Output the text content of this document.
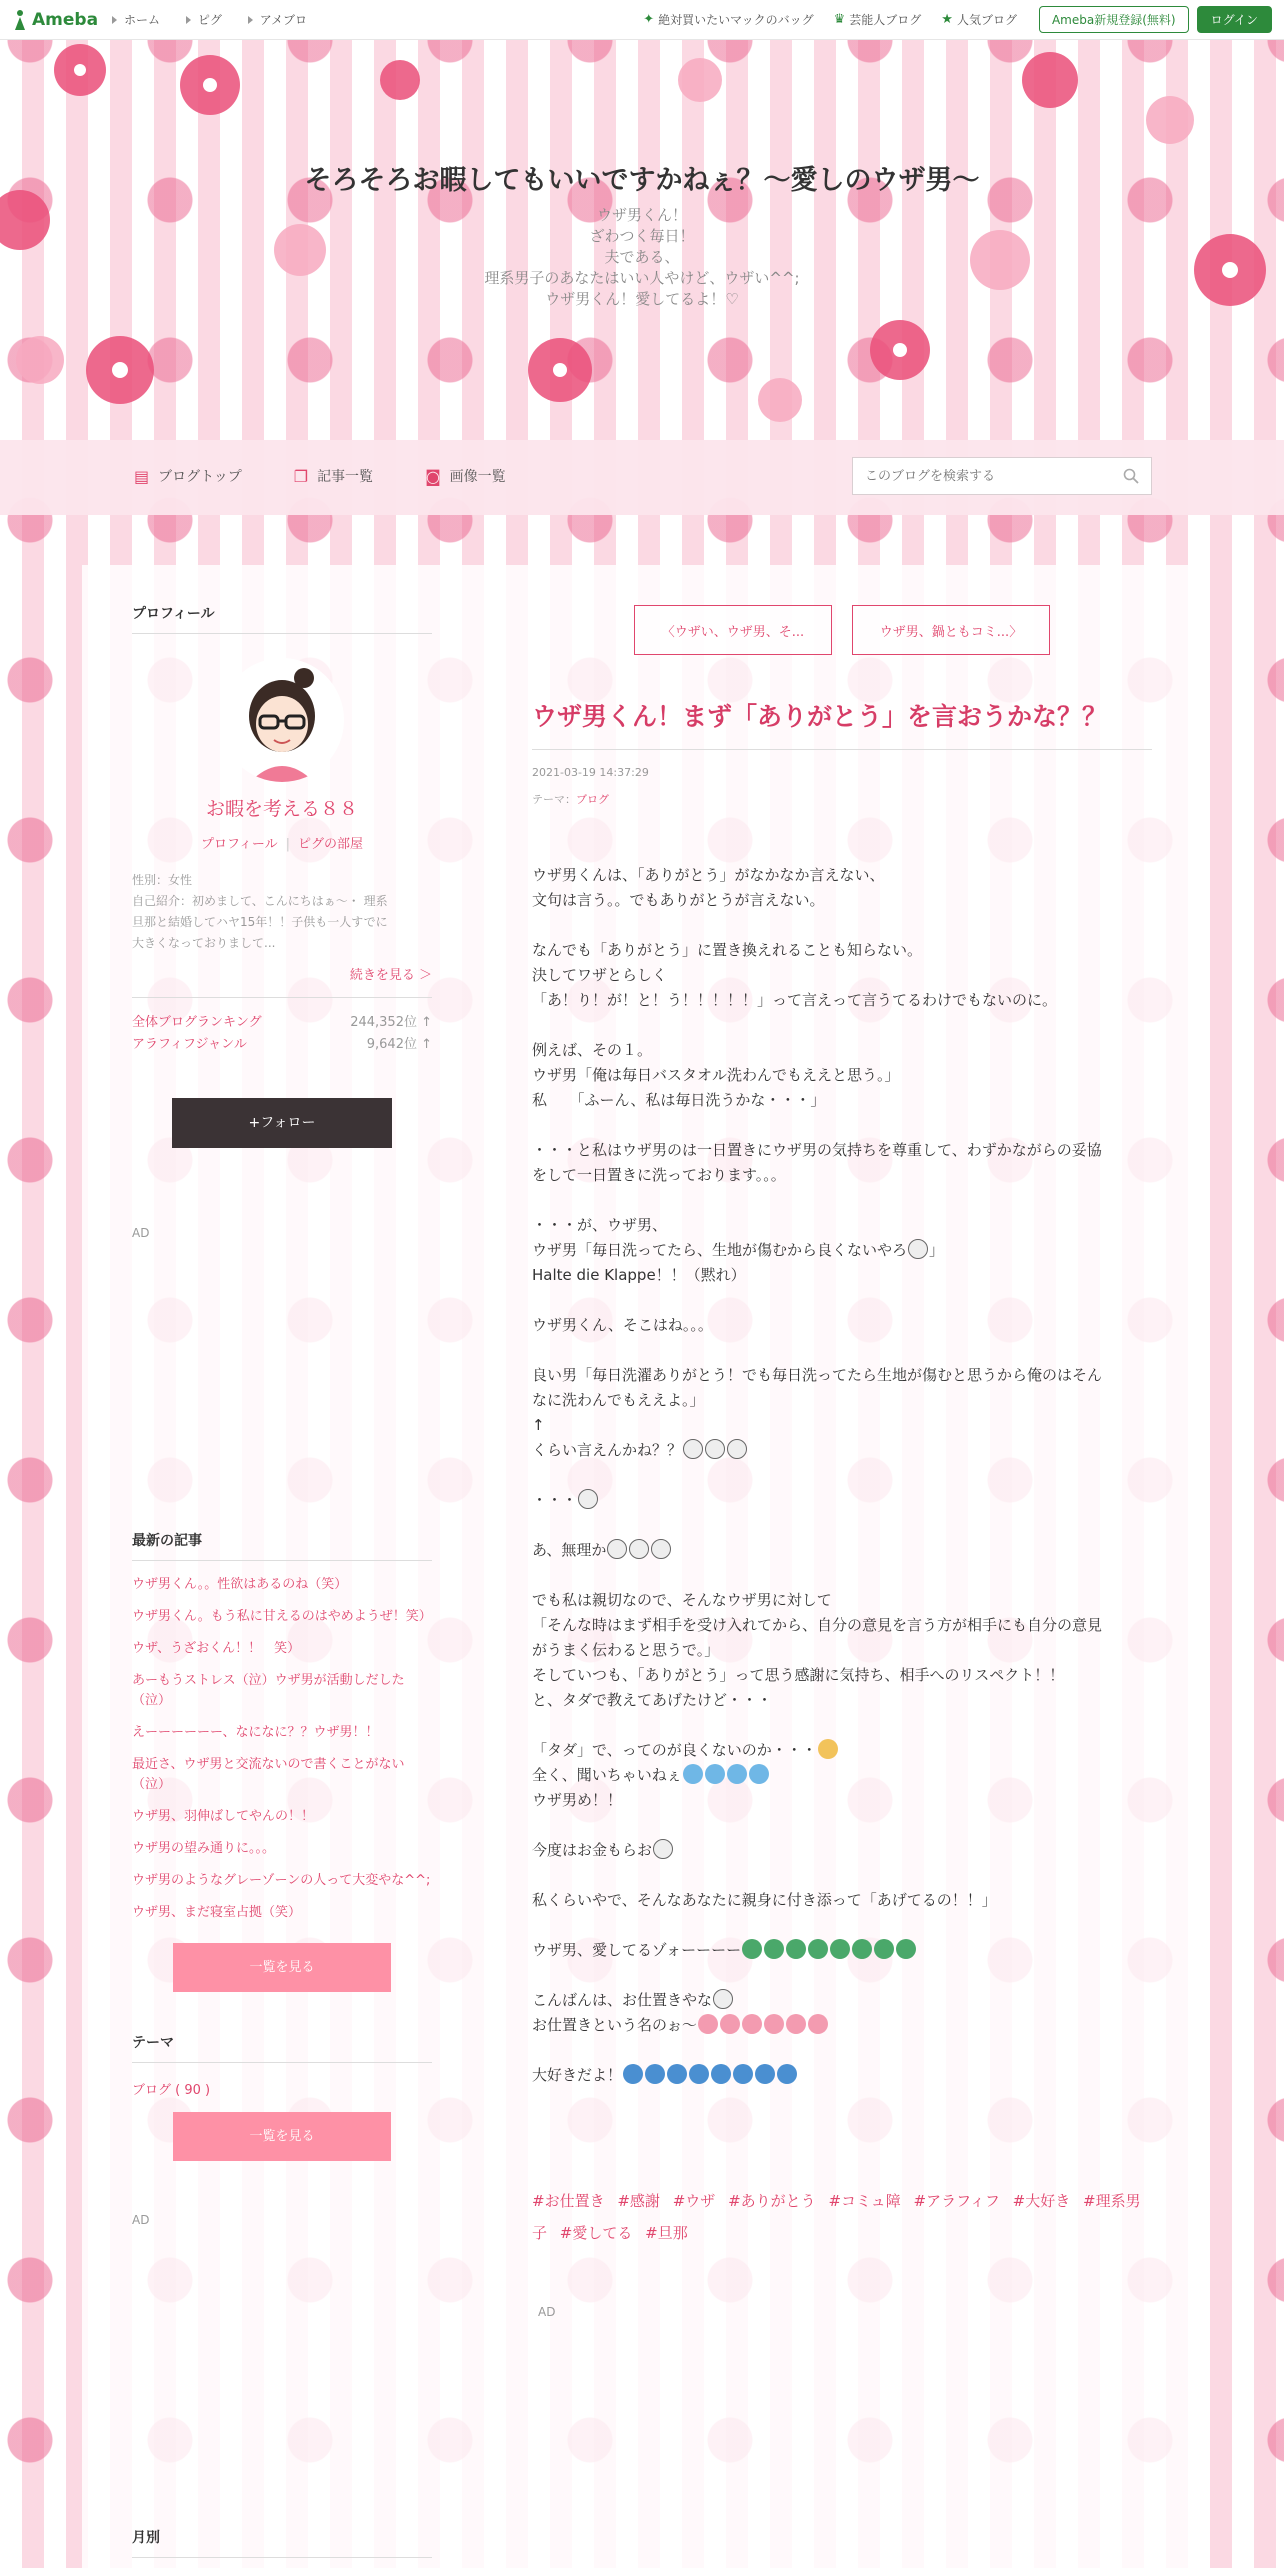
Ameba	ホーム	ピグ	アメブロ	✦ 絶対買いたいマックのバッグ ♛ 芸能人ブログ ★ 人気ブログ	Ameba新規登録(無料)	ログイン
そろそろお暇してもいいですかねぇ？〜愛しのウザ男〜
ウザ男くん！
ざわつく毎日！
夫である、
理系男子のあなたはいい人やけど、ウザい^^;
ウザ男くん！愛してるよ！♡
▤ ブログトップ	❐ 記事一覧	◙ 画像一覧
このブログを検索する
プロフィール
お暇を考える８８
プロフィール | ピグの部屋
性別：女性
自己紹介：初めまして、こんにちはぁ〜・ 理系
旦那と結婚してハヤ15年！！子供も一人すでに
大きくなっておりまして...
続きを見る ＞
全体ブログランキング	244,352位 ↑
アラフィフジャンル	9,642位 ↑
+フォロー
AD
最新の記事
ウザ男くん。。性欲はあるのね（笑）
ウザ男くん。もう私に甘えるのはやめようぜ！笑）
ウザ、うざおくん！！　笑）
あーもうストレス（泣）ウザ男が活動しだした（泣）
えーーーーーー、なになに？？ウザ男！！
最近さ、ウザ男と交流ないので書くことがない（泣）
ウザ男、羽伸ばしてやんの！！
ウザ男の望み通りに。。。
ウザ男のようなグレーゾーンの人って大変やな^^;
ウザ男、まだ寝室占拠（笑）
一覧を見る
テーマ
ブログ ( 90 )
一覧を見る
AD
月別
〈 ウザい、ウザ男、そ...	ウザ男、鍋ともコミ... 〉
ウザ男くん！まず「ありがとう」を言おうかな？？
2021-03-19 14:37:29
テーマ：ブログ

ウザ男くんは、「ありがとう」がなかなか言えない、

文句は言う。。でもありがとうが言えない。

なんでも「ありがとう」に置き換えれることも知らない。

決してワザとらしく

「あ！り！が！と！う！！！！！」って言えって言うてるわけでもないのに。

例えば、その１。

ウザ男「俺は毎日バスタオル洗わんでもええと思う。」

私　　「ふーん、私は毎日洗うかな・・・」

・・・と私はウザ男のは一日置きにウザ男の気持ちを尊重して、わずかながらの妥協

をして一日置きに洗っております。。。

・・・が、ウザ男、

ウザ男「毎日洗ってたら、生地が傷むから良くないやろ 」

Halte die Klappe！！（黙れ）

ウザ男くん、そこはね。。。

良い男「毎日洗濯ありがとう！でも毎日洗ってたら生地が傷むと思うから俺のはそん

なに洗わんでもええよ。」

↑

くらい言えんかね？？

・・・

あ、無理か

でも私は親切なので、そんなウザ男に対して

「そんな時はまず相手を受け入れてから、自分の意見を言う方が相手にも自分の意見

がうまく伝わると思うで。」

そしていつも、「ありがとう」って思う感謝に気持ち、相手へのリスペクト！！

と、タダで教えてあげたけど・・・

「タダ」で、ってのが良くないのか・・・

全く、聞いちゃいねぇ

ウザ男め！！

今度はお金もらお

私くらいやで、そんなあなたに親身に付き添って「あげてるの！！」

ウザ男、愛してるゾォーーーー

こんばんは、お仕置きやな

お仕置きという名のぉ〜

大好きだよ！

#お仕置き #感謝 #ウザ #ありがとう #コミュ障 #アラフィフ #大好き #理系男子 #愛してる #旦那
AD
